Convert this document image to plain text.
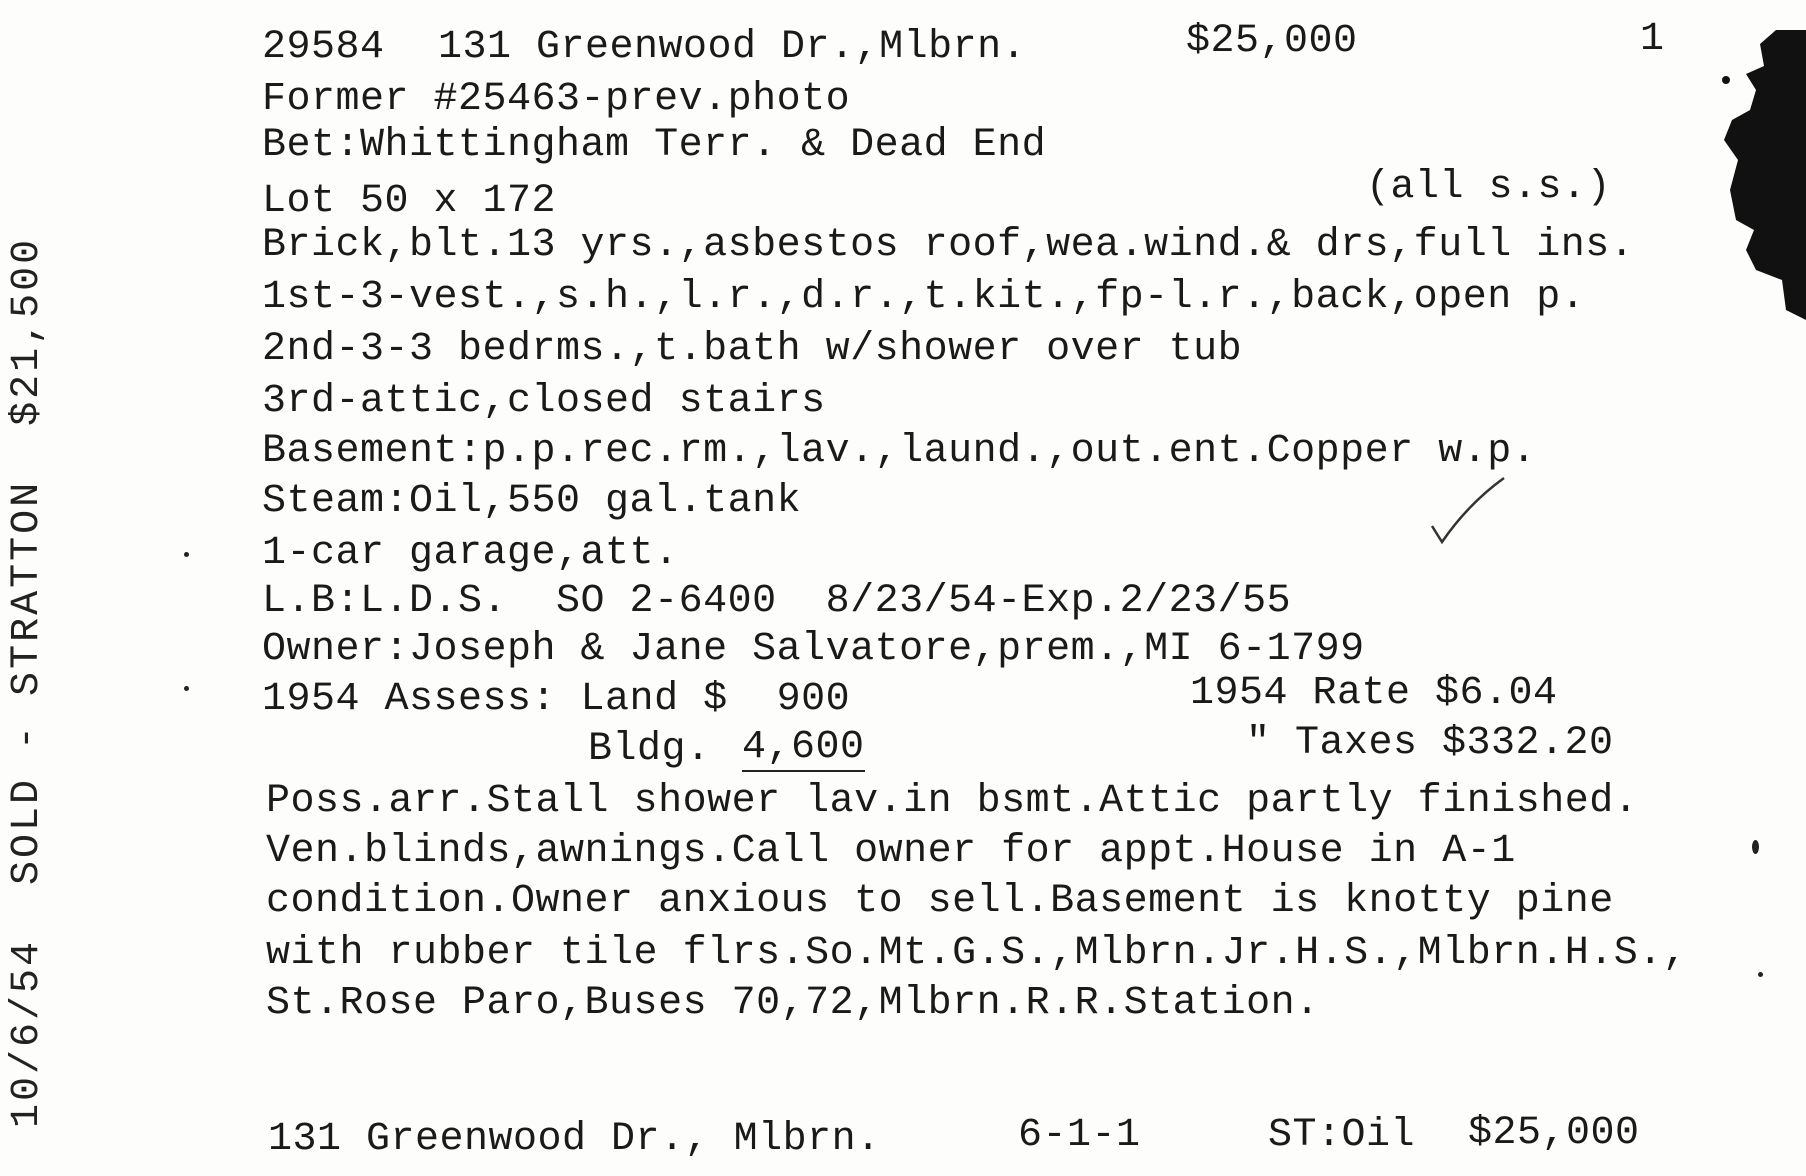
29584 131 Greenwood Dr.,Mlbrn.	$25,000	1
Former #25463-prev.photo
Bet:Whittingham Terr. & Dead End
Lot 50 x 172	(all s.s.)
Brick,blt.13 yrs.,asbestos roof,wea.wind.& drs,full ins.
1st-3-vest.,s.h.,l.r.,d.r.,t.kit.,fp-l.r.,back,open p.
2nd-3-3 bedrms.,t.bath w/shower over tub
3rd-attic,closed stairs
Basement:p.p.rec.rm.,lav.,laund.,out.ent.Copper w.p.
Steam:Oil,550 gal.tank
1-car garage,att.
L.B:L.D.S.  SO 2-6400  8/23/54-Exp.2/23/55
Owner:Joseph & Jane Salvatore,prem.,MI 6-1799
1954 Assess: Land $  900	1954 Rate $6.04
Bldg. 4,600	" Taxes $332.20
Poss.arr.Stall shower lav.in bsmt.Attic partly finished.
Ven.blinds,awnings.Call owner for appt.House in A-1
condition.Owner anxious to sell.Basement is knotty pine
with rubber tile flrs.So.Mt.G.S.,Mlbrn.Jr.H.S.,Mlbrn.H.S.,
St.Rose Paro,Buses 70,72,Mlbrn.R.R.Station.
131 Greenwood Dr., Mlbrn.	6-1-1	ST:Oil $25,000
10/6/54  SOLD - STRATTON  $21,500
